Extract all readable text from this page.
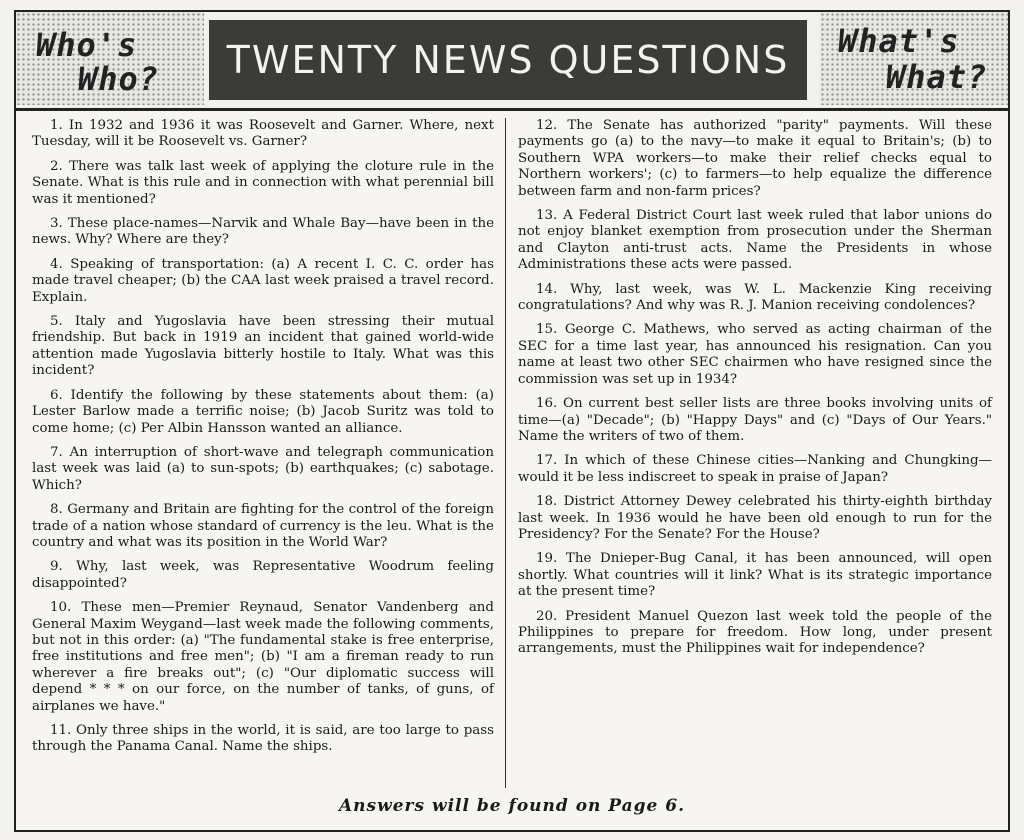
Who's
Who? TWENTY NEWS QUESTIONS What's
What?

1. In 1932 and 1936 it was Roosevelt and Garner. Where, next Tuesday, will it be Roosevelt vs. Garner?

2. There was talk last week of applying the cloture rule in the Senate. What is this rule and in connection with what perennial bill was it mentioned?

3. These place-names—Narvik and Whale Bay—have been in the news. Why? Where are they?

4. Speaking of transportation: (a) A recent I. C. C. order has made travel cheaper; (b) the CAA last week praised a travel record. Explain.

5. Italy and Yugoslavia have been stressing their mutual friendship. But back in 1919 an incident that gained world-wide attention made Yugoslavia bitterly hostile to Italy. What was this incident?

6. Identify the following by these statements about them: (a) Lester Barlow made a terrific noise; (b) Jacob Suritz was told to come home; (c) Per Albin Hansson wanted an alliance.

7. An interruption of short-wave and telegraph communication last week was laid (a) to sun-spots; (b) earthquakes; (c) sabotage. Which?

8. Germany and Britain are fighting for the control of the foreign trade of a nation whose standard of currency is the leu. What is the country and what was its position in the World War?

9. Why, last week, was Representative Woodrum feeling disappointed?

10. These men—Premier Reynaud, Senator Vandenberg and General Maxim Weygand—last week made the following comments, but not in this order: (a) "The fundamental stake is free enterprise, free institutions and free men"; (b) "I am a fireman ready to run wherever a fire breaks out"; (c) "Our diplomatic success will depend * * * on our force, on the number of tanks, of guns, of airplanes we have."

11. Only three ships in the world, it is said, are too large to pass through the Panama Canal. Name the ships.

12. The Senate has authorized "parity" payments. Will these payments go (a) to the navy—to make it equal to Britain's; (b) to Southern WPA workers—to make their relief checks equal to Northern workers'; (c) to farmers—to help equalize the difference between farm and non-farm prices?

13. A Federal District Court last week ruled that labor unions do not enjoy blanket exemption from prosecution under the Sherman and Clayton anti-trust acts. Name the Presidents in whose Administrations these acts were passed.

14. Why, last week, was W. L. Mackenzie King receiving congratulations? And why was R. J. Manion receiving condolences?

15. George C. Mathews, who served as acting chairman of the SEC for a time last year, has announced his resignation. Can you name at least two other SEC chairmen who have resigned since the commission was set up in 1934?

16. On current best seller lists are three books involving units of time—(a) "Decade"; (b) "Happy Days" and (c) "Days of Our Years." Name the writers of two of them.

17. In which of these Chinese cities—Nanking and Chungking—would it be less indiscreet to speak in praise of Japan?

18. District Attorney Dewey celebrated his thirty-eighth birthday last week. In 1936 would he have been old enough to run for the Presidency? For the Senate? For the House?

19. The Dnieper-Bug Canal, it has been announced, will open shortly. What countries will it link? What is its strategic importance at the present time?

20. President Manuel Quezon last week told the people of the Philippines to prepare for freedom. How long, under present arrangements, must the Philippines wait for independence?

Answers will be found on Page 6.
